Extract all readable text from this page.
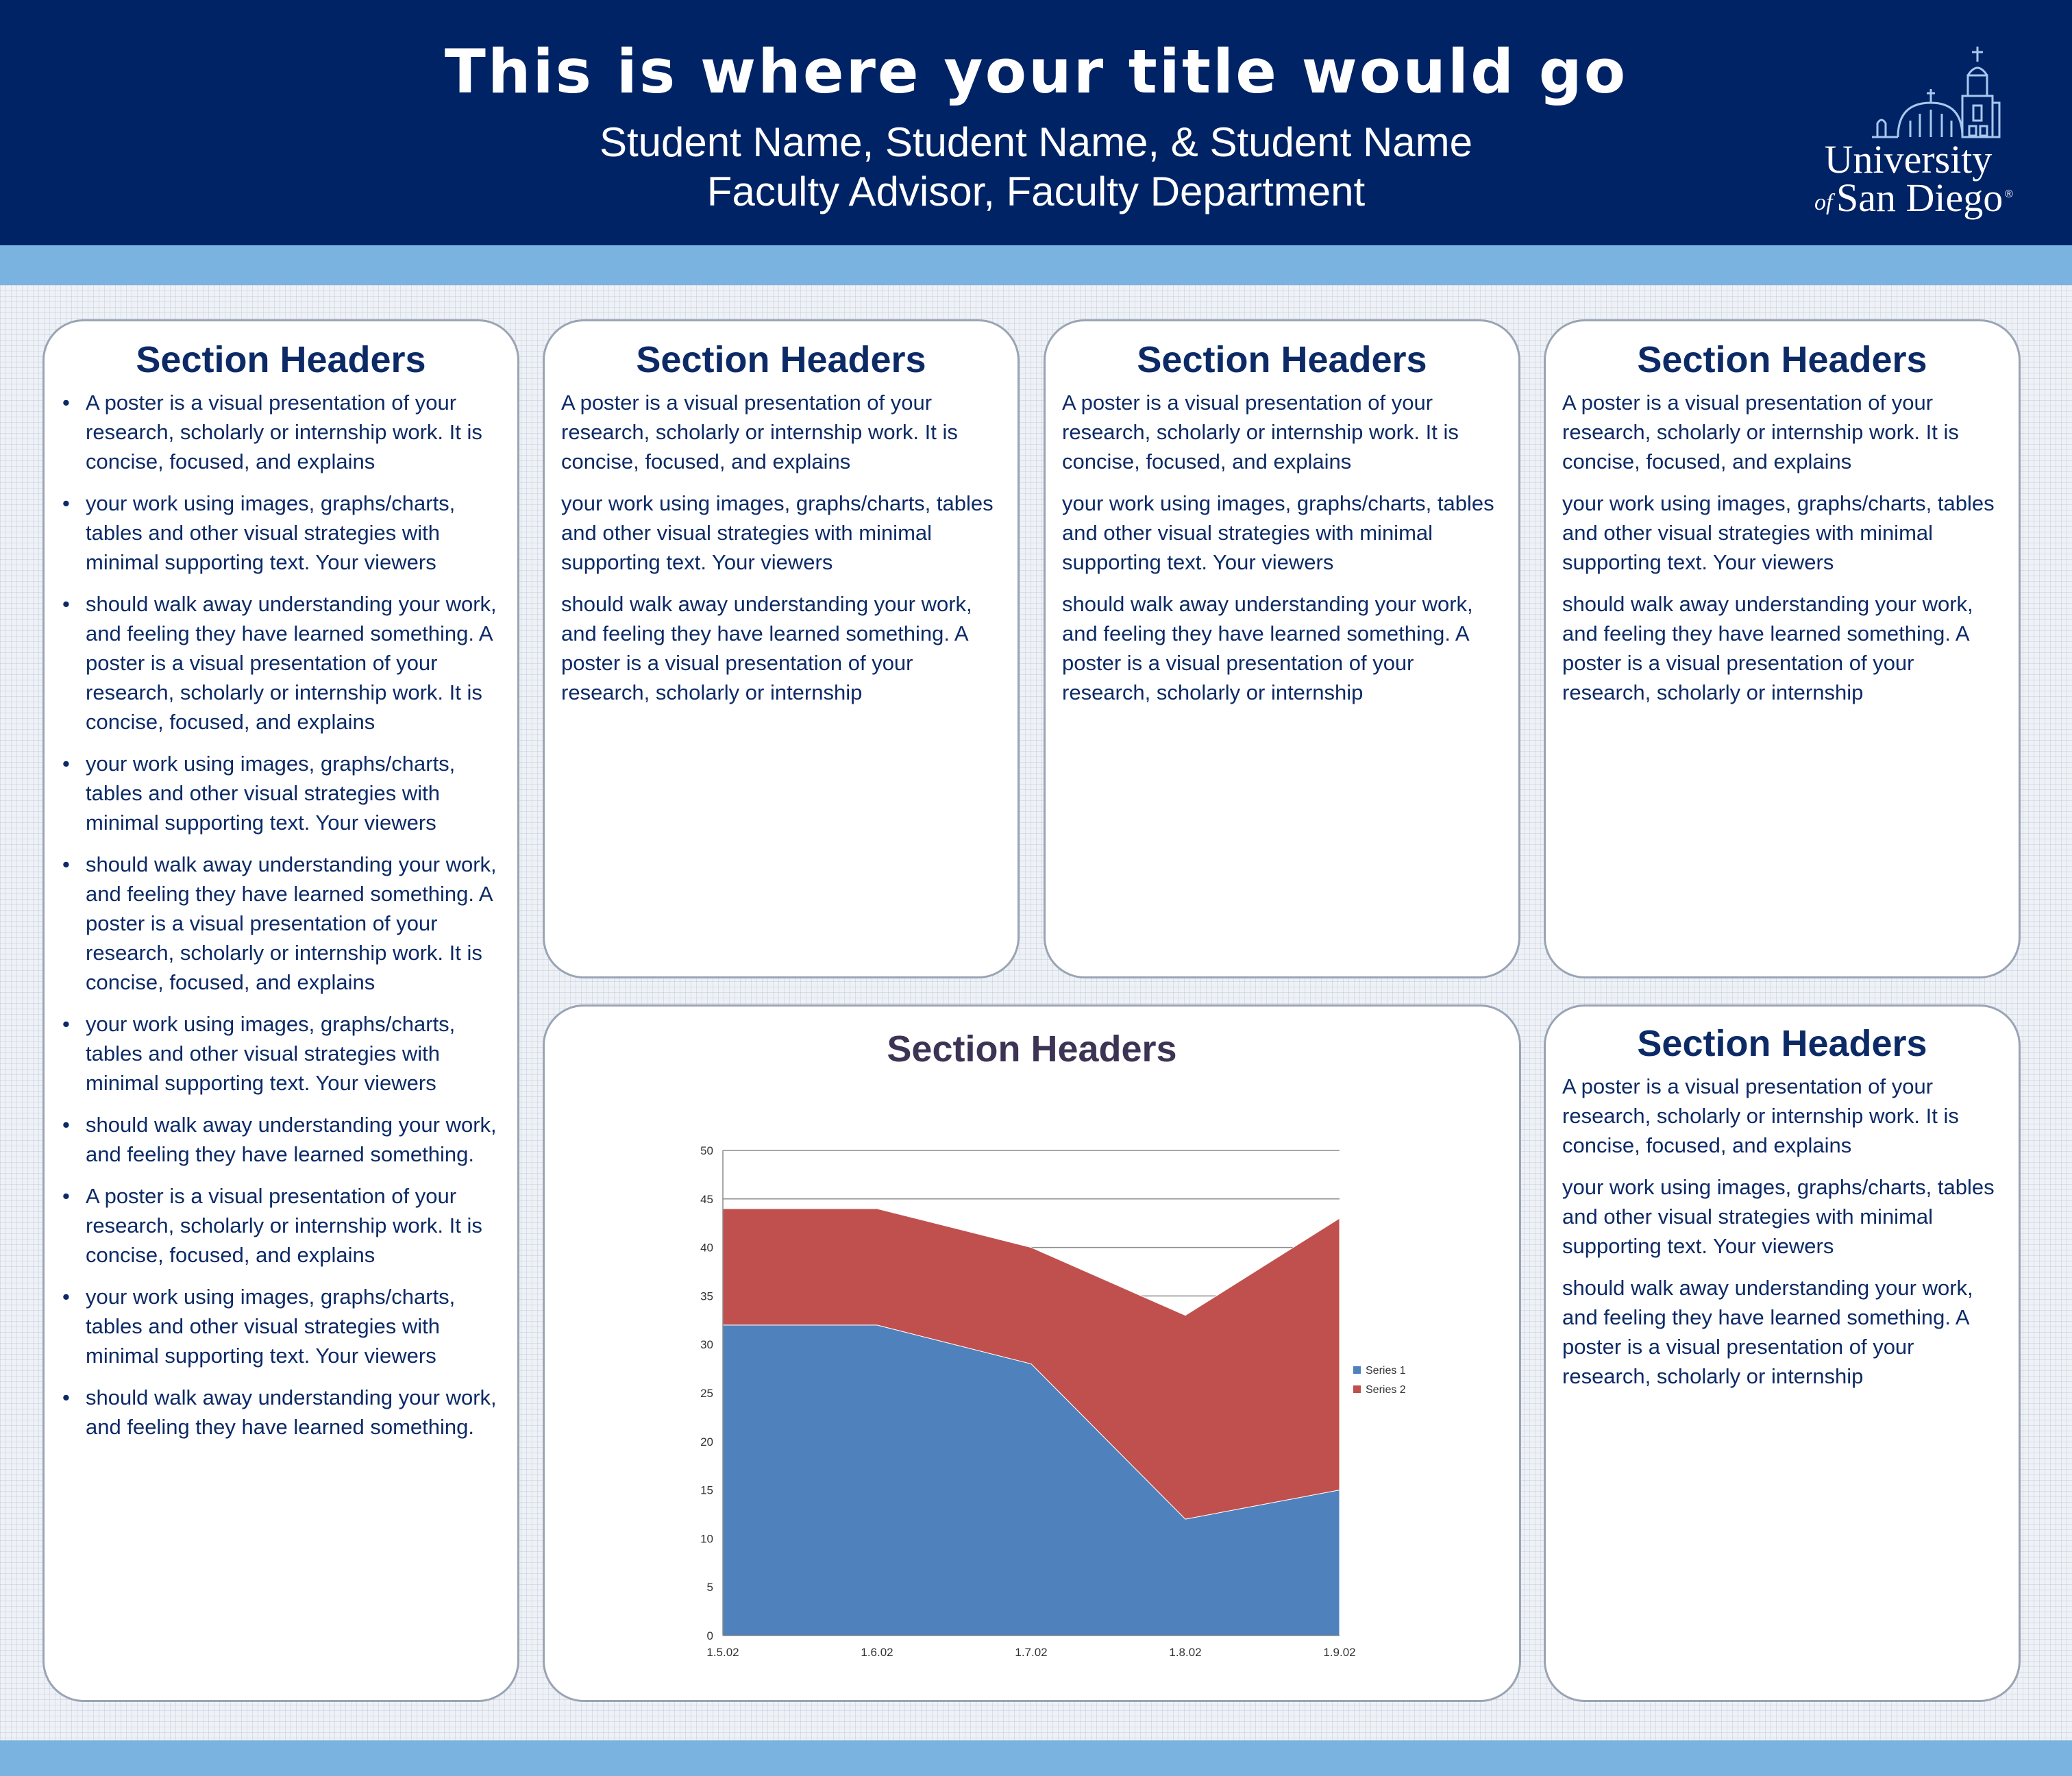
This is where your title would go
Student Name, Student Name, & Student Name
Faculty Advisor, Faculty Department
University
of San Diego ®
Section Headers
• A poster is a visual presentation of your research, scholarly or internship work. It is concise, focused, and explains
• your work using images, graphs/charts, tables and other visual strategies with minimal supporting text. Your viewers
• should walk away understanding your work, and feeling they have learned something. A poster is a visual presentation of your research, scholarly or internship work. It is concise, focused, and explains
• your work using images, graphs/charts, tables and other visual strategies with minimal supporting text. Your viewers
• should walk away understanding your work, and feeling they have learned something. A poster is a visual presentation of your research, scholarly or internship work. It is concise, focused, and explains
• your work using images, graphs/charts, tables and other visual strategies with minimal supporting text. Your viewers
• should walk away understanding your work, and feeling they have learned something.
• A poster is a visual presentation of your research, scholarly or internship work. It is concise, focused, and explains
• your work using images, graphs/charts, tables and other visual strategies with minimal supporting text. Your viewers
• should walk away understanding your work, and feeling they have learned something.
Section Headers

A poster is a visual presentation of your research, scholarly or internship work. It is concise, focused, and explains

your work using images, graphs/charts, tables and other visual strategies with minimal supporting text. Your viewers

should walk away understanding your work, and feeling they have learned something. A poster is a visual presentation of your research, scholarly or internship

Section Headers

A poster is a visual presentation of your research, scholarly or internship work. It is concise, focused, and explains

your work using images, graphs/charts, tables and other visual strategies with minimal supporting text. Your viewers

should walk away understanding your work, and feeling they have learned something. A poster is a visual presentation of your research, scholarly or internship

Section Headers

A poster is a visual presentation of your research, scholarly or internship work. It is concise, focused, and explains

your work using images, graphs/charts, tables and other visual strategies with minimal supporting text. Your viewers

should walk away understanding your work, and feeling they have learned something. A poster is a visual presentation of your research, scholarly or internship

Section Headers
0
5
10
15
20
25
30
35
40
45
50
1.5.02	1.6.02	1.7.02	1.8.02	1.9.02
Series 1
Series 2
Section Headers

A poster is a visual presentation of your research, scholarly or internship work. It is concise, focused, and explains

your work using images, graphs/charts, tables and other visual strategies with minimal supporting text. Your viewers

should walk away understanding your work, and feeling they have learned something. A poster is a visual presentation of your research, scholarly or internship
